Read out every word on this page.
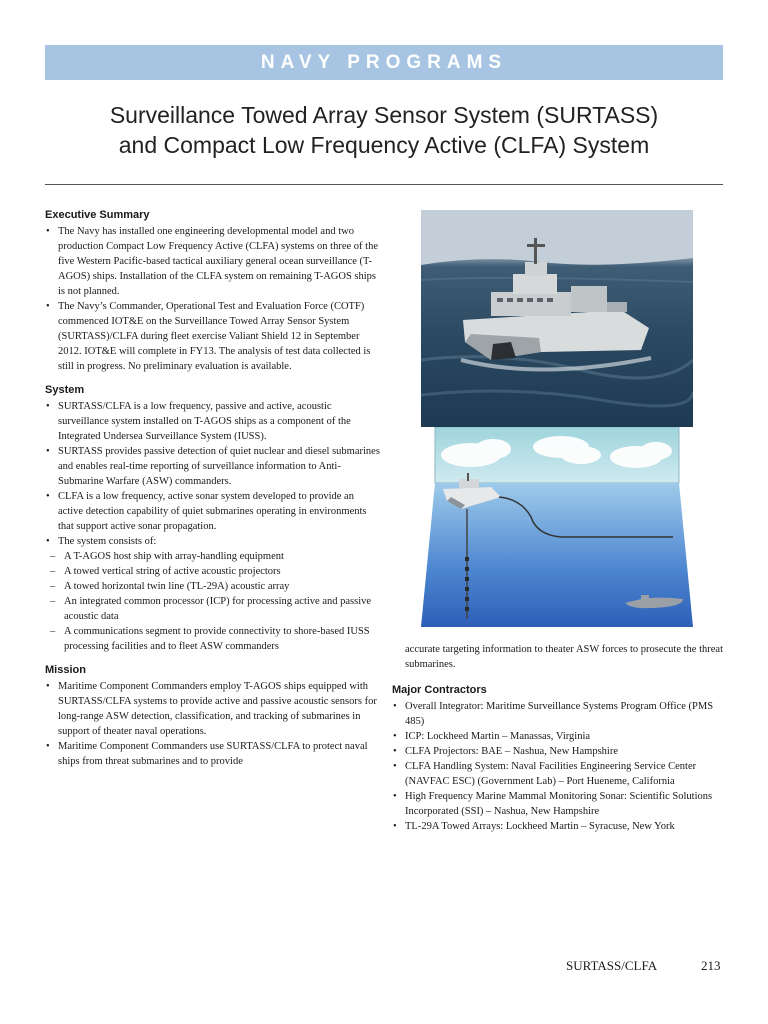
NAVY PROGRAMS
Surveillance Towed Array Sensor System (SURTASS)
and Compact Low Frequency Active (CLFA) System
Executive Summary
• The Navy has installed one engineering developmental model and two production Compact Low Frequency Active (CLFA) systems on three of the five Western Pacific-based tactical auxiliary general ocean surveillance (T-AGOS) ships. Installation of the CLFA system on remaining T-AGOS ships is not planned.
• The Navy’s Commander, Operational Test and Evaluation Force (COTF) commenced IOT&E on the Surveillance Towed Array Sensor System (SURTASS)/CLFA during fleet exercise Valiant Shield 12 in September 2012. IOT&E will complete in FY13. The analysis of test data collected is still in progress. No preliminary evaluation is available.
System
• SURTASS/CLFA is a low frequency, passive and active, acoustic surveillance system installed on T-AGOS ships as a component of the Integrated Undersea Surveillance System (IUSS).
• SURTASS provides passive detection of quiet nuclear and diesel submarines and enables real-time reporting of surveillance information to Anti-Submarine Warfare (ASW) commanders.
• CLFA is a low frequency, active sonar system developed to provide an active detection capability of quiet submarines operating in environments that support active sonar propagation.
• The system consists of:
– A T-AGOS host ship with array-handling equipment
– A towed vertical string of active acoustic projectors
– A towed horizontal twin line (TL-29A) acoustic array
– An integrated common processor (ICP) for processing active and passive acoustic data
– A communications segment to provide connectivity to shore-based IUSS processing facilities and to fleet ASW commanders
Mission
• Maritime Component Commanders employ T-AGOS ships equipped with SURTASS/CLFA systems to provide active and passive acoustic sensors for long-range ASW detection, classification, and tracking of submarines in support of theater naval operations.
• Maritime Component Commanders use SURTASS/CLFA to protect naval ships from threat submarines and to provide

accurate targeting information to theater ASW forces to prosecute the threat submarines.

Major Contractors
• Overall Integrator: Maritime Surveillance Systems Program Office (PMS 485)
• ICP: Lockheed Martin – Manassas, Virginia
• CLFA Projectors: BAE – Nashua, New Hampshire
• CLFA Handling System: Naval Facilities Engineering Service Center (NAVFAC ESC) (Government Lab) – Port Hueneme, California
• High Frequency Marine Mammal Monitoring Sonar: Scientific Solutions Incorporated (SSI) – Nashua, New Hampshire
• TL-29A Towed Arrays: Lockheed Martin – Syracuse, New York
SURTASS/CLFA	213
